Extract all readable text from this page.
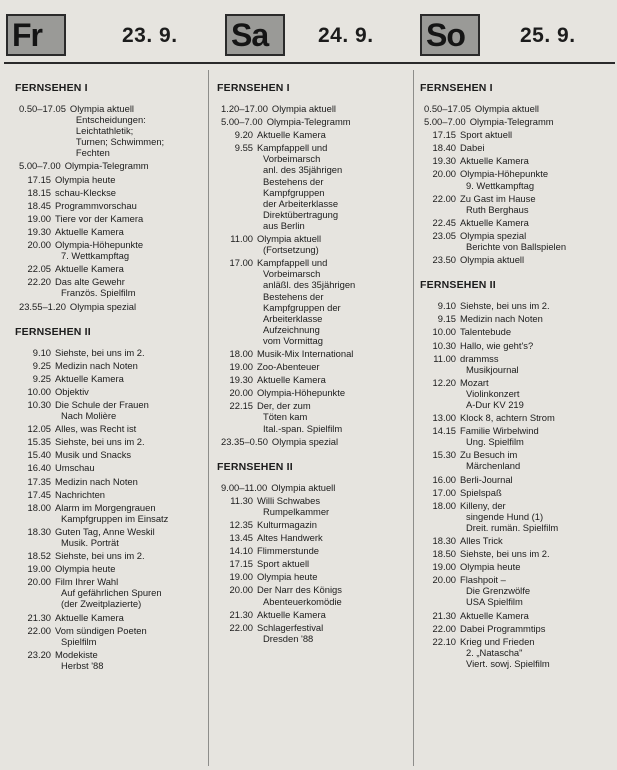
Fr	23. 9. Sa	24. 9. So	25. 9.
FERNSEHEN I
0.50–17.05 Olympia aktuell
Entscheidungen:
Leichtathletik;
Turnen; Schwimmen;
Fechten
5.00–7.00 Olympia-Telegramm
17.15 Olympia heute
18.15 schau-Kleckse
18.45 Programmvorschau
19.00 Tiere vor der Kamera
19.30 Aktuelle Kamera
20.00 Olympia-Höhepunkte
7. Wettkampftag
22.05 Aktuelle Kamera
22.20 Das alte Gewehr
Französ. Spielfilm
23.55–1.20 Olympia spezial
FERNSEHEN II
9.10 Siehste, bei uns im 2.
9.25 Medizin nach Noten
9.25 Aktuelle Kamera
10.00 Objektiv
10.30 Die Schule der Frauen
Nach Molière
12.05 Alles, was Recht ist
15.35 Siehste, bei uns im 2.
15.40 Musik und Snacks
16.40 Umschau
17.35 Medizin nach Noten
17.45 Nachrichten
18.00 Alarm im Morgengrauen
Kampfgruppen im Einsatz
18.30 Guten Tag, Anne Weskil
Musik. Porträt
18.52 Siehste, bei uns im 2.
19.00 Olympia heute
20.00 Film Ihrer Wahl
Auf gefährlichen Spuren
(der Zweitplazierte)
21.30 Aktuelle Kamera
22.00 Vom sündigen Poeten
Spielfilm
23.20 Modekiste
Herbst '88
FERNSEHEN I
1.20–17.00 Olympia aktuell
5.00–7.00 Olympia-Telegramm
9.20 Aktuelle Kamera
9.55 Kampfappell und
Vorbeimarsch
anl. des 35jährigen
Bestehens der
Kampfgruppen
der Arbeiterklasse
Direktübertragung
aus Berlin
11.00 Olympia aktuell
(Fortsetzung)
17.00 Kampfappell und
Vorbeimarsch
anläßl. des 35jährigen
Bestehens der
Kampfgruppen der
Arbeiterklasse
Aufzeichnung
vom Vormittag
18.00 Musik-Mix International
19.00 Zoo-Abenteuer
19.30 Aktuelle Kamera
20.00 Olympia-Höhepunkte
22.15 Der, der zum
Töten kam
Ital.-span. Spielfilm
23.35–0.50 Olympia spezial
FERNSEHEN II
9.00–11.00 Olympia aktuell
11.30 Willi Schwabes
Rumpelkammer
12.35 Kulturmagazin
13.45 Altes Handwerk
14.10 Flimmerstunde
17.15 Sport aktuell
19.00 Olympia heute
20.00 Der Narr des Königs
Abenteuerkomödie
21.30 Aktuelle Kamera
22.00 Schlagerfestival
Dresden '88
FERNSEHEN I
0.50–17.05 Olympia aktuell
5.00–7.00 Olympia-Telegramm
17.15 Sport aktuell
18.40 Dabei
19.30 Aktuelle Kamera
20.00 Olympia-Höhepunkte
9. Wettkampftag
22.00 Zu Gast im Hause
Ruth Berghaus
22.45 Aktuelle Kamera
23.05 Olympia spezial
Berichte von Ballspielen
23.50 Olympia aktuell
FERNSEHEN II
9.10 Siehste, bei uns im 2.
9.15 Medizin nach Noten
10.00 Talentebude
10.30 Hallo, wie geht's?
11.00 drammss
Musikjournal
12.20 Mozart
Violinkonzert
A-Dur KV 219
13.00 Klock 8, achtern Strom
14.15 Familie Wirbelwind
Ung. Spielfilm
15.30 Zu Besuch im
Märchenland
16.00 Berli-Journal
17.00 Spielspaß
18.00 Killeny, der
singende Hund (1)
Dreit. rumän. Spielfilm
18.30 Alles Trick
18.50 Siehste, bei uns im 2.
19.00 Olympia heute
20.00 Flashpoit –
Die Grenzwölfe
USA Spielfilm
21.30 Aktuelle Kamera
22.00 Dabei Programmtips
22.10 Krieg und Frieden
2. „Natascha"
Viert. sowj. Spielfilm
